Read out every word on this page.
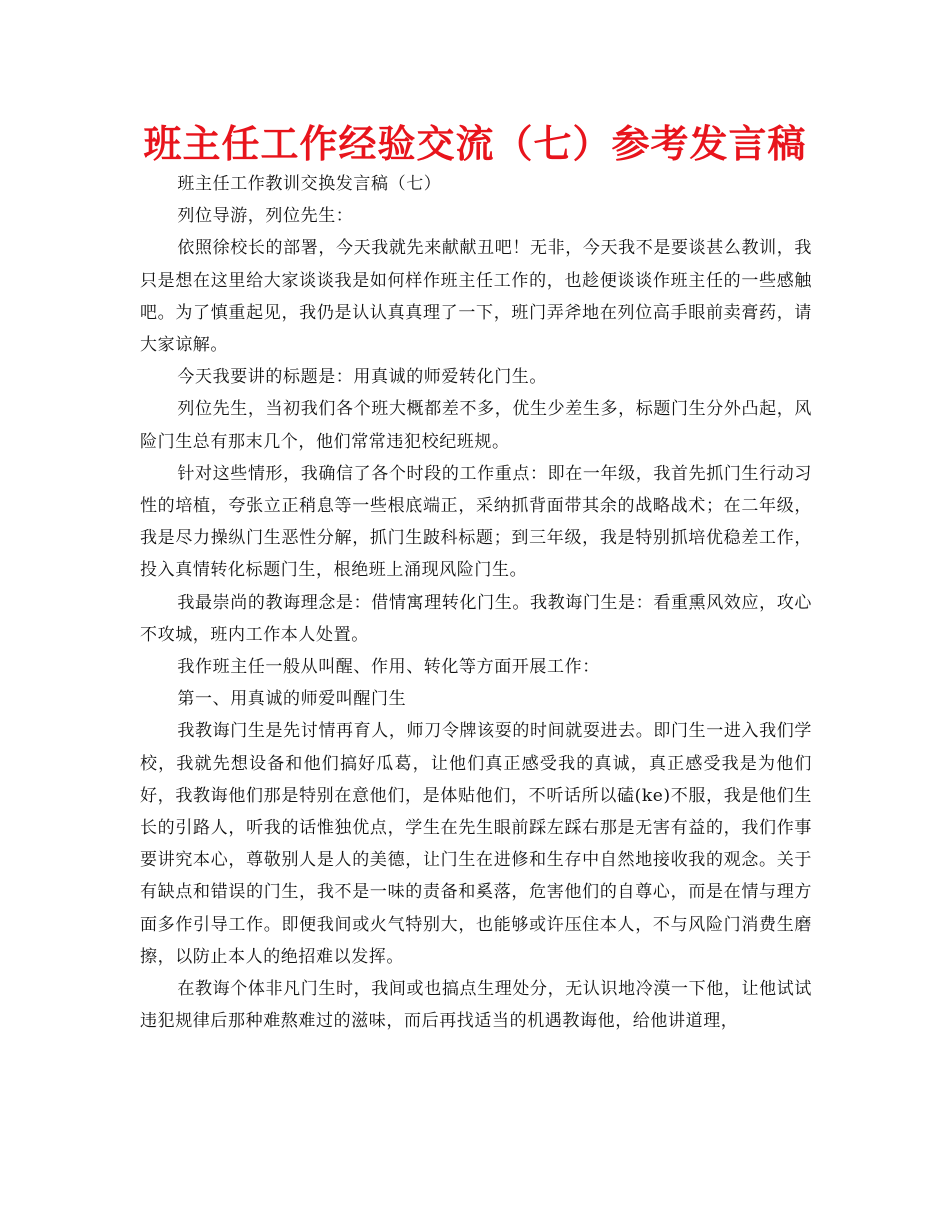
班主任工作经验交流（七）参考发言稿

班主任工作教训交换发言稿（七）

列位导游，列位先生：

依照徐校长的部署，今天我就先来献献丑吧！无非，今天我不是要谈甚么教训，我只是想在这里给大家谈谈我是如何样作班主任工作的，也趁便谈谈作班主任的一些感触吧。为了慎重起见，我仍是认认真真理了一下，班门弄斧地在列位高手眼前卖膏药，请大家谅解。

今天我要讲的标题是：用真诚的师爱转化门生。

列位先生，当初我们各个班大概都差不多，优生少差生多，标题门生分外凸起，风险门生总有那末几个，他们常常违犯校纪班规。

针对这些情形，我确信了各个时段的工作重点：即在一年级，我首先抓门生行动习性的培植，夸张立正稍息等一些根底端正，采纳抓背面带其余的战略战术；在二年级，我是尽力操纵门生恶性分解，抓门生跛科标题；到三年级，我是特别抓培优稳差工作，投入真情转化标题门生，根绝班上涌现风险门生。

我最崇尚的教诲理念是：借情寓理转化门生。我教诲门生是：看重熏风效应，攻心不攻城，班内工作本人处置。

我作班主任一般从叫醒、作用、转化等方面开展工作：

第一、用真诚的师爱叫醒门生

我教诲门生是先讨情再育人，师刀令牌该耍的时间就耍进去。即门生一进入我们学校，我就先想设备和他们搞好瓜葛，让他们真正感受我的真诚，真正感受我是为他们好，我教诲他们那是特别在意他们，是体贴他们，不听话所以磕(ke)不服，我是他们生长的引路人，听我的话惟独优点，学生在先生眼前踩左踩右那是无害有益的，我们作事要讲究本心，尊敬别人是人的美德，让门生在进修和生存中自然地接收我的观念。关于有缺点和错误的门生，我不是一味的责备和奚落，危害他们的自尊心，而是在情与理方面多作引导工作。即便我间或火气特别大，也能够或许压住本人，不与风险门消费生磨擦，以防止本人的绝招难以发挥。

在教诲个体非凡门生时，我间或也搞点生理处分，无认识地冷漠一下他，让他试试违犯规律后那种难熬难过的滋味，而后再找适当的机遇教诲他，给他讲道理，
